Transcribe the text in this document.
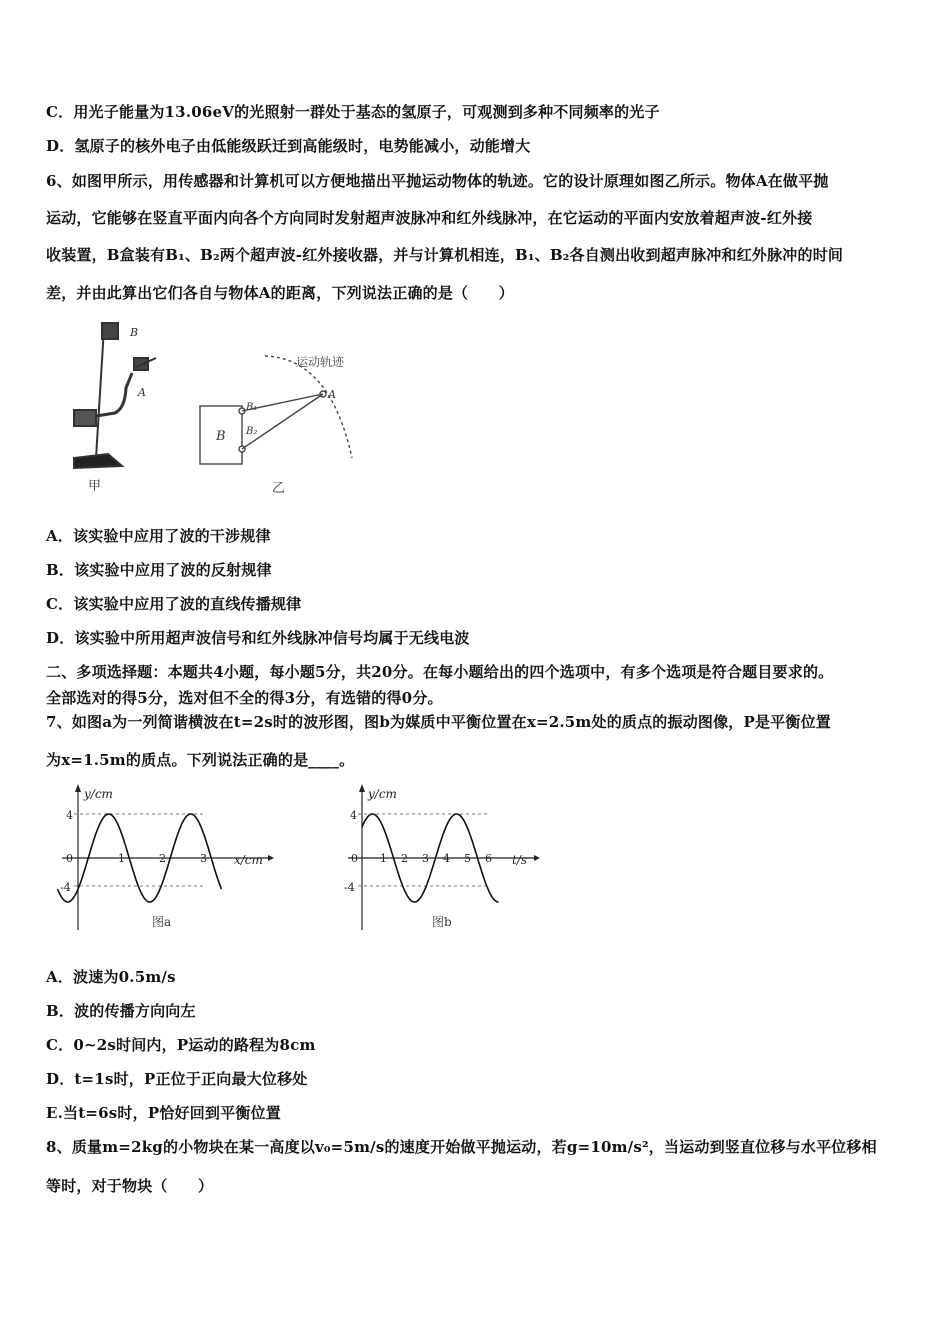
C．用光子能量为13.06eV的光照射一群处于基态的氢原子，可观测到多种不同频率的光子
D．氢原子的核外电子由低能级跃迁到高能级时，电势能减小，动能增大
6、如图甲所示，用传感器和计算机可以方便地描出平抛运动物体的轨迹。它的设计原理如图乙所示。物体A在做平抛
运动，它能够在竖直平面内向各个方向同时发射超声波脉冲和红外线脉冲，在它运动的平面内安放着超声波-红外接
收装置，B盒装有B₁、B₂两个超声波-红外接收器，并与计算机相连，B₁、B₂各自测出收到超声脉冲和红外脉冲的时间
差，并由此算出它们各自与物体A的距离，下列说法正确的是（　　）
B
A
甲
运动轨迹
A
B
B₁
B₂
乙
A．该实验中应用了波的干涉规律
B．该实验中应用了波的反射规律
C．该实验中应用了波的直线传播规律
D．该实验中所用超声波信号和红外线脉冲信号均属于无线电波
二、多项选择题：本题共4小题，每小题5分，共20分。在每小题给出的四个选项中，有多个选项是符合题目要求的。
全部选对的得5分，选对但不全的得3分，有选错的得0分。
7、如图a为一列简谐横波在t=2s时的波形图，图b为媒质中平衡位置在x=2.5m处的质点的振动图像，P是平衡位置
为x=1.5m的质点。下列说法正确的是____。
y/cm
x/cm
4
-4
0	1	2	3
图a
y/cm
t/s
4
-4
0 1 2 3 4 5 6
图b
A．波速为0.5m/s
B．波的传播方向向左
C．0~2s时间内，P运动的路程为8cm
D．t=1s时，P正位于正向最大位移处
E.当t=6s时，P恰好回到平衡位置
8、质量m=2kg的小物块在某一高度以v₀=5m/s的速度开始做平抛运动，若g=10m/s²，当运动到竖直位移与水平位移相
等时，对于物块（　　）
